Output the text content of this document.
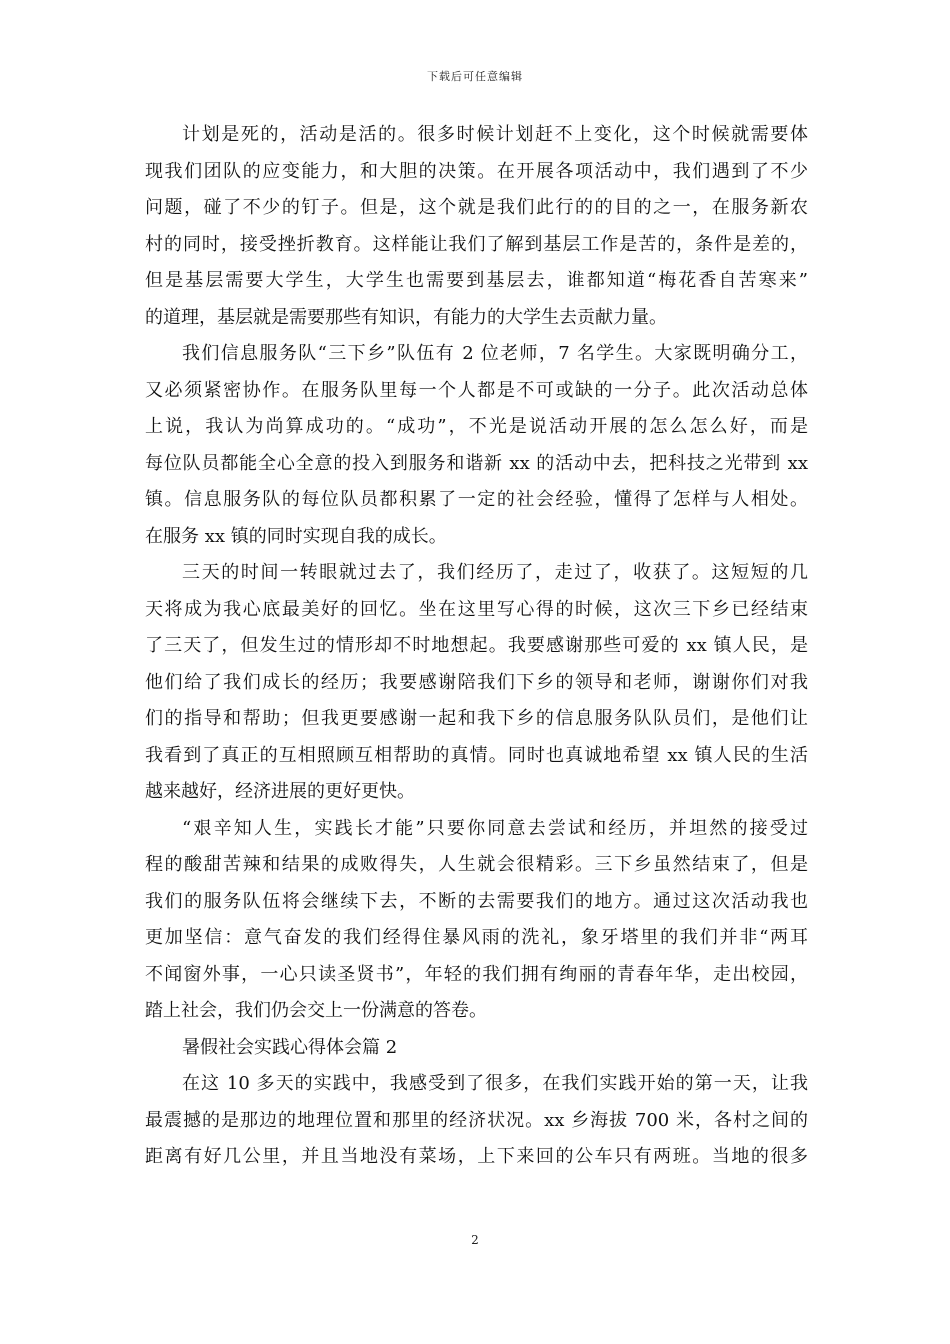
下载后可任意编辑
计划是死的，活动是活的。很多时候计划赶不上变化，这个时候就需要体
现我们团队的应变能力，和大胆的决策。在开展各项活动中，我们遇到了不少
问题，碰了不少的钉子。但是，这个就是我们此行的的目的之一，在服务新农
村的同时，接受挫折教育。这样能让我们了解到基层工作是苦的，条件是差的，
但是基层需要大学生，大学生也需要到基层去，谁都知道“梅花香自苦寒来”
的道理，基层就是需要那些有知识，有能力的大学生去贡献力量。
我们信息服务队“三下乡”队伍有 2 位老师，7 名学生。大家既明确分工，
又必须紧密协作。在服务队里每一个人都是不可或缺的一分子。此次活动总体
上说，我认为尚算成功的。“成功”，不光是说活动开展的怎么怎么好，而是
每位队员都能全心全意的投入到服务和谐新 xx 的活动中去，把科技之光带到 xx
镇。信息服务队的每位队员都积累了一定的社会经验，懂得了怎样与人相处。
在服务 xx 镇的同时实现自我的成长。
三天的时间一转眼就过去了，我们经历了，走过了，收获了。这短短的几
天将成为我心底最美好的回忆。坐在这里写心得的时候，这次三下乡已经结束
了三天了，但发生过的情形却不时地想起。我要感谢那些可爱的 xx 镇人民，是
他们给了我们成长的经历；我要感谢陪我们下乡的领导和老师，谢谢你们对我
们的指导和帮助；但我更要感谢一起和我下乡的信息服务队队员们，是他们让
我看到了真正的互相照顾互相帮助的真情。同时也真诚地希望 xx 镇人民的生活
越来越好，经济进展的更好更快。
“艰辛知人生，实践长才能”只要你同意去尝试和经历，并坦然的接受过
程的酸甜苦辣和结果的成败得失，人生就会很精彩。三下乡虽然结束了，但是
我们的服务队伍将会继续下去，不断的去需要我们的地方。通过这次活动我也
更加坚信：意气奋发的我们经得住暴风雨的洗礼，象牙塔里的我们并非“两耳
不闻窗外事，一心只读圣贤书”，年轻的我们拥有绚丽的青春年华，走出校园，
踏上社会，我们仍会交上一份满意的答卷。
暑假社会实践心得体会篇 2
在这 10 多天的实践中，我感受到了很多，在我们实践开始的第一天，让我
最震撼的是那边的地理位置和那里的经济状况。xx 乡海拔 700 米，各村之间的
距离有好几公里，并且当地没有菜场，上下来回的公车只有两班。当地的很多
2
